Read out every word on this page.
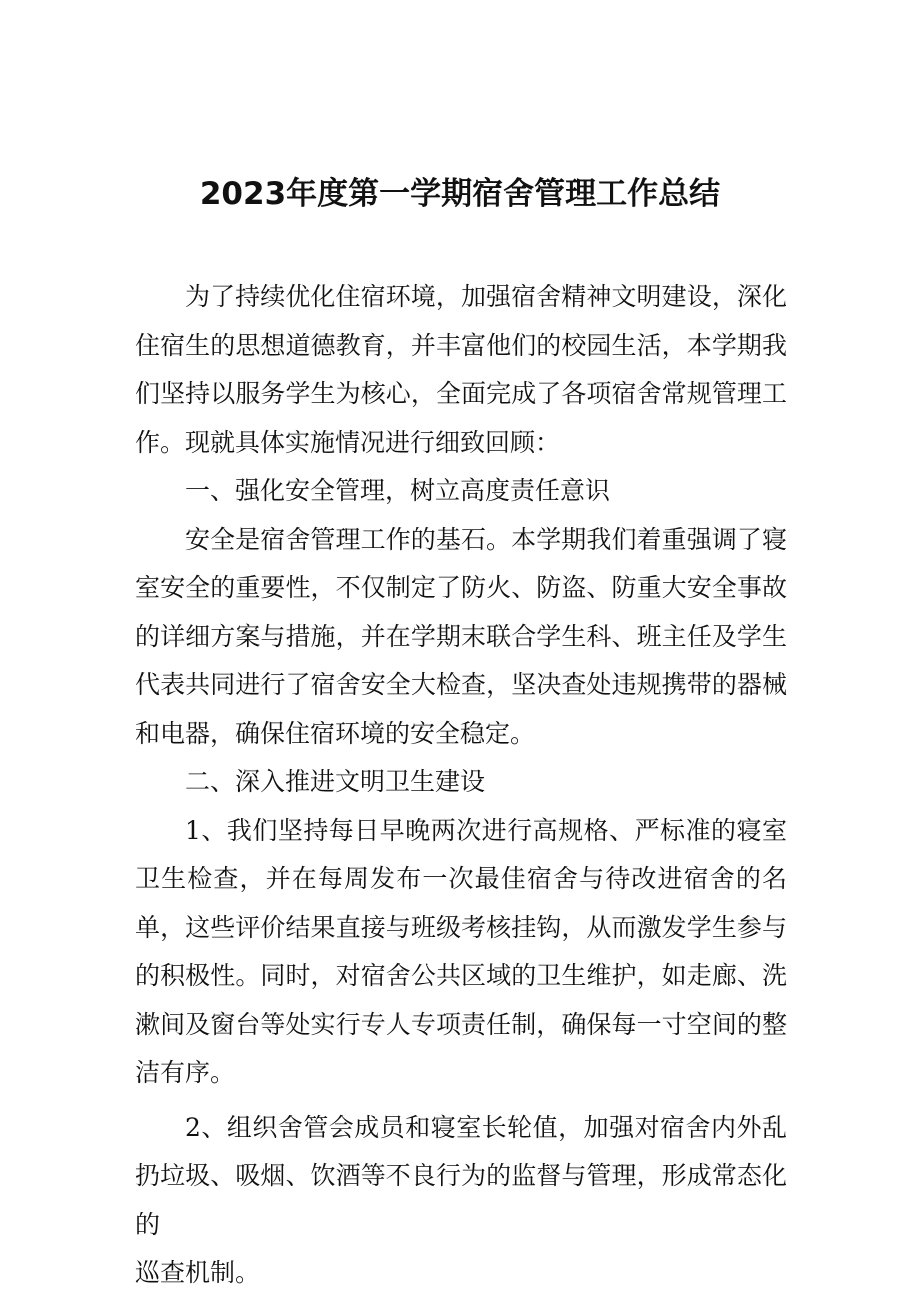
2023年度第一学期宿舍管理工作总结

为了持续优化住宿环境，加强宿舍精神文明建设，深化住宿生的思想道德教育，并丰富他们的校园生活，本学期我们坚持以服务学生为核心，全面完成了各项宿舍常规管理工作。现就具体实施情况进行细致回顾：

一、强化安全管理，树立高度责任意识

安全是宿舍管理工作的基石。本学期我们着重强调了寝室安全的重要性，不仅制定了防火、防盗、防重大安全事故的详细方案与措施，并在学期末联合学生科、班主任及学生代表共同进行了宿舍安全大检查，坚决查处违规携带的器械和电器，确保住宿环境的安全稳定。

二、深入推进文明卫生建设

1、我们坚持每日早晚两次进行高规格、严标准的寝室卫生检查，并在每周发布一次最佳宿舍与待改进宿舍的名单，这些评价结果直接与班级考核挂钩，从而激发学生参与的积极性。同时，对宿舍公共区域的卫生维护，如走廊、洗漱间及窗台等处实行专人专项责任制，确保每一寸空间的整洁有序。

2、组织舍管会成员和寝室长轮值，加强对宿舍内外乱扔垃圾、吸烟、饮酒等不良行为的监督与管理，形成常态化的

巡查机制。
